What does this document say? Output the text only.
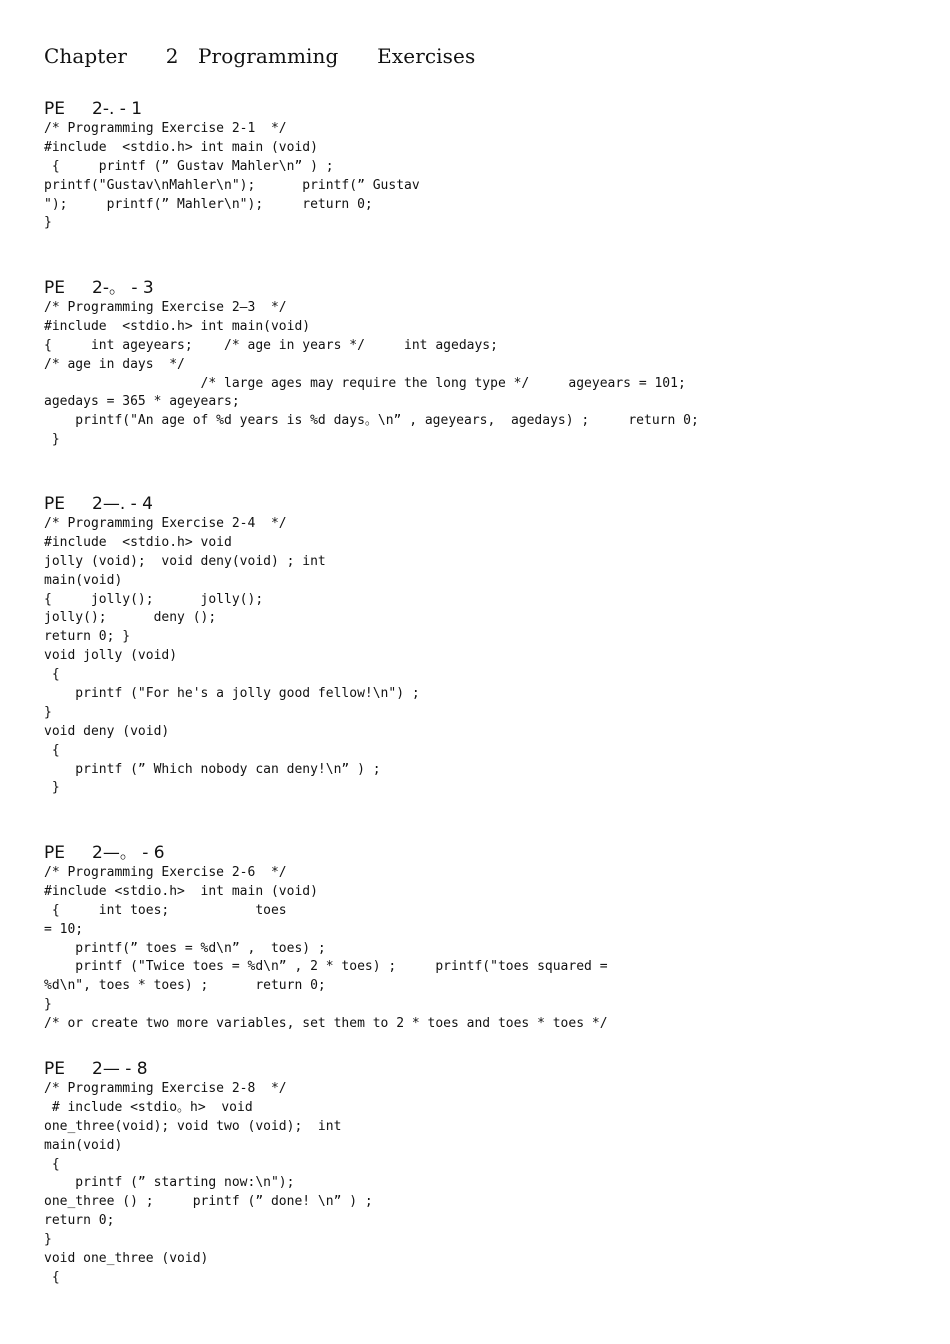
Chapter      2   Programming      Exercises
PE     2-. - 1
/* Programming Exercise 2-1  */
#include  <stdio.h> int main (void)
{     printf (” Gustav Mahler\n” ) ;
printf("Gustav\nMahler\n");      printf(” Gustav
");     printf(” Mahler\n");     return 0;
}
PE     2-。 - 3
/* Programming Exercise 2—3  */
#include  <stdio.h> int main(void)
{     int ageyears;    /* age in years */     int agedays;
/* age in days  */
/* large ages may require the long type */     ageyears = 101;
agedays = 365 * ageyears;
printf("An age of %d years is %d days。\n” , ageyears,  agedays) ;     return 0;
}
PE     2—. - 4
/* Programming Exercise 2-4  */
#include  <stdio.h> void
jolly (void);  void deny(void) ; int
main(void)
{     jolly();      jolly();
jolly();      deny ();
return 0; }
void jolly (void)
{
printf ("For he's a jolly good fellow!\n") ;
}
void deny (void)
{
printf (” Which nobody can deny!\n” ) ;
}
PE     2—。 - 6
/* Programming Exercise 2-6  */
#include <stdio.h>  int main (void)
{     int toes;           toes
= 10;
printf(” toes = %d\n” ,  toes) ;
printf ("Twice toes = %d\n” , 2 * toes) ;     printf("toes squared =
%d\n", toes * toes) ;      return 0;
}
/* or create two more variables, set them to 2 * toes and toes * toes */
PE     2— - 8
/* Programming Exercise 2-8  */
# include <stdio。h>  void
one_three(void); void two (void);  int
main(void)
{
printf (” starting now:\n");
one_three () ;     printf (” done! \n” ) ;
return 0;
}
void one_three (void)
{
